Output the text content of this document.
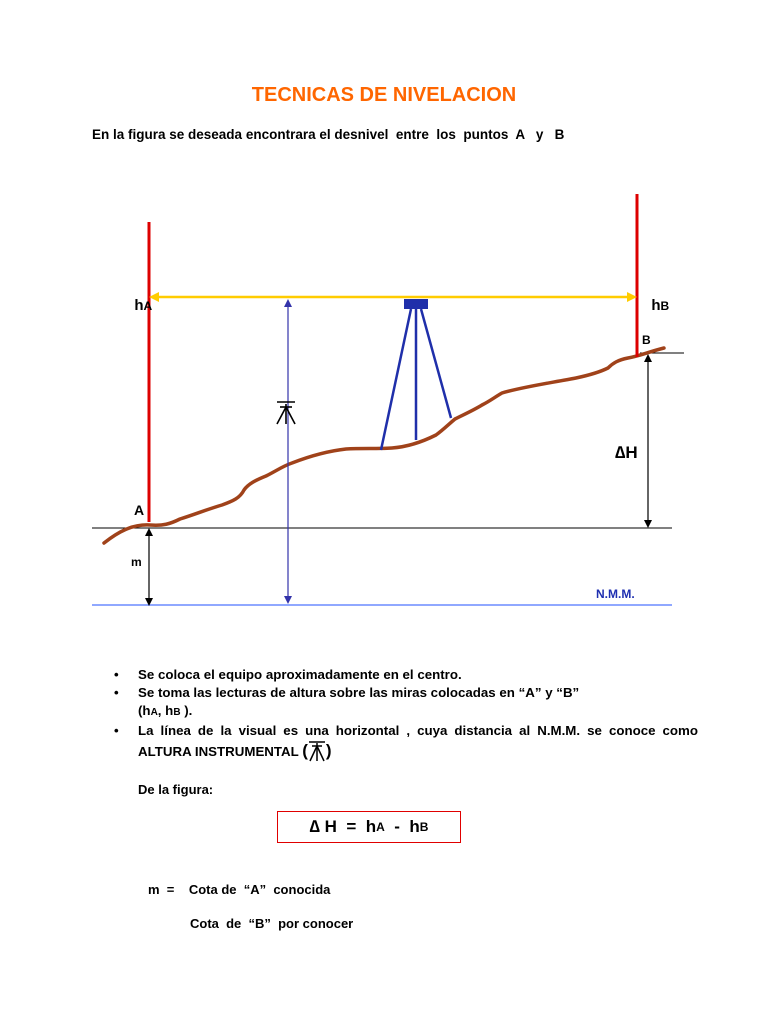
TECNICAS DE NIVELACION
En la figura se deseada encontrara el desnivel  entre  los  puntos  A   y   B

hA	hB

B
A
m
∆H
N.M.M.
• Se coloca el equipo aproximadamente en el centro.
• Se toma las lecturas de altura sobre las miras colocadas en “A” y “B”
(hA, hB ).
• La línea de la visual es una horizontal , cuya distancia al N.M.M. se conoce como ALTURA INSTRUMENTAL ( )
De la figura:
∆ H = h A - h B
m  =    Cota de  “A”  conocida
Cota  de  “B”  por conocer
